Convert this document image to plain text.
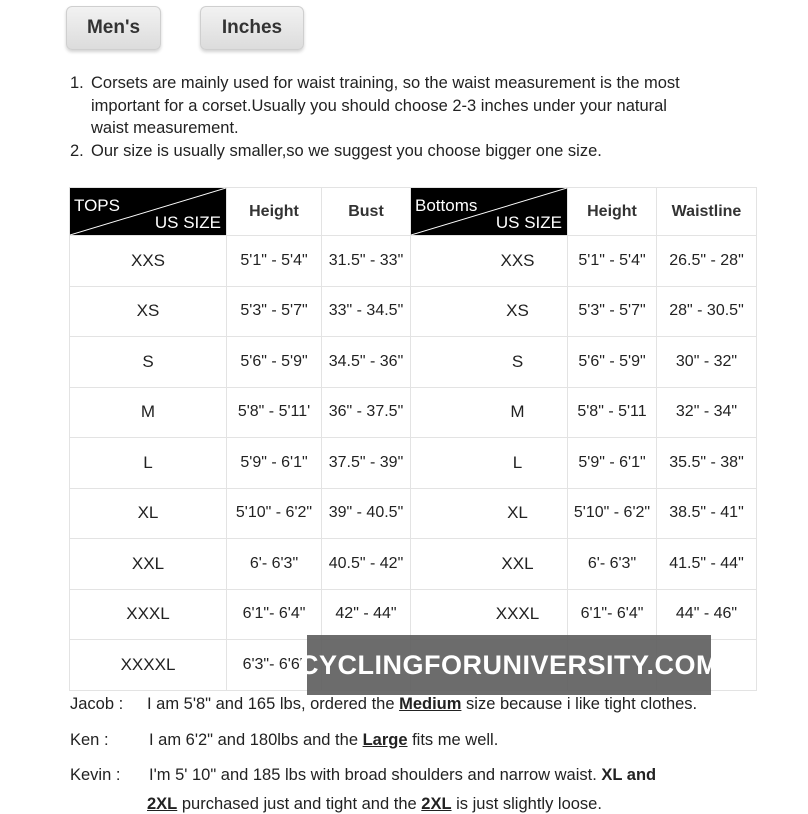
Men's	Inches
1. Corsets are mainly used for waist training, so the waist measurement is the most
important for a corset.Usually you should choose 2-3 inches under your natural
waist measurement.
2. Our size is usually smaller,so we suggest you choose bigger one size.
TOPS
US SIZE	Height	Bust
XXS	5'1" - 5'4"	31.5" - 33"
XS	5'3" - 5'7"	33" - 34.5"
S	5'6" - 5'9"	34.5" - 36"
M	5'8" - 5'11'	36" - 37.5"
L	5'9" - 6'1"	37.5" - 39"
XL	5'10" - 6'2"	39" - 40.5"
XXL	6'- 6'3"	40.5" - 42"
XXXL	6'1"- 6'4"	42" - 44"
XXXXL	6'3"- 6'6"	
Bottoms
US SIZE	Height	Waistline
XXS	5'1" - 5'4"	26.5" - 28"
XS	5'3" - 5'7"	28" - 30.5"
S	5'6" - 5'9"	30" - 32"
M	5'8" - 5'11	32" - 34"
L	5'9" - 6'1"	35.5" - 38"
XL	5'10" - 6'2"	38.5" - 41"
XXL	6'- 6'3"	41.5" - 44"
XXXL	6'1"- 6'4"	44" - 46"

CYCLINGFORUNIVERSITY.COM
Jacob : I am 5'8" and 165 lbs, ordered the Medium size because i like tight clothes.
Ken : I am 6'2" and 180lbs and the Large fits me well.
Kevin : I'm 5' 10" and 185 lbs with broad shoulders and narrow waist. XL and
2XL purchased just and tight and the 2XL is just slightly loose.
